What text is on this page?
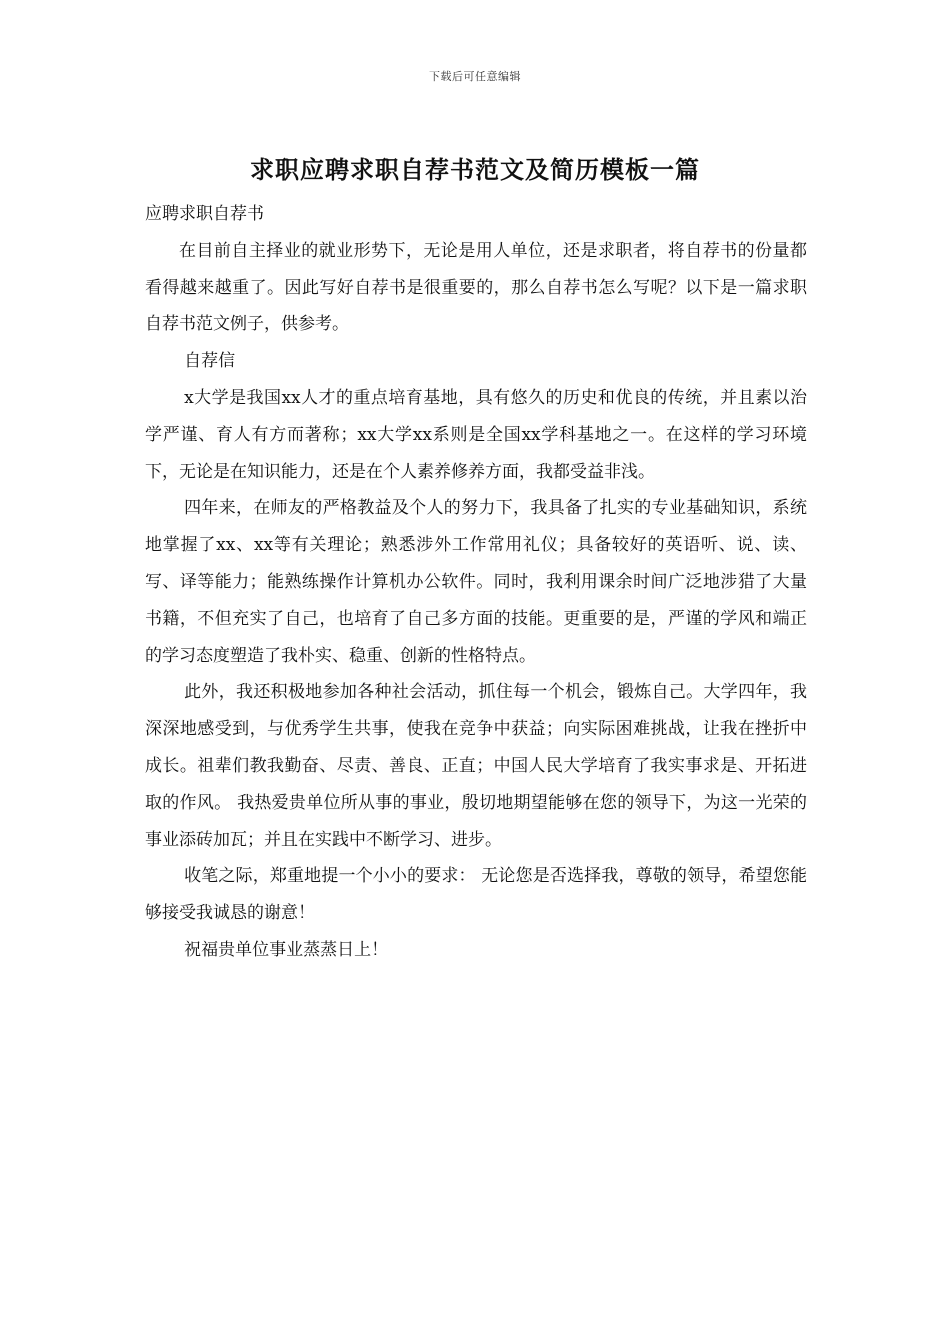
下载后可任意编辑
求职应聘求职自荐书范文及简历模板一篇

应聘求职自荐书

在目前自主择业的就业形势下，无论是用人单位，还是求职者，将自荐书的份量都看得越来越重了。因此写好自荐书是很重要的，那么自荐书怎么写呢？以下是一篇求职自荐书范文例子，供参考。

自荐信

x大学是我国xx人才的重点培育基地，具有悠久的历史和优良的传统，并且素以治学严谨、育人有方而著称；xx大学xx系则是全国xx学科基地之一。在这样的学习环境下，无论是在知识能力，还是在个人素养修养方面，我都受益非浅。

四年来，在师友的严格教益及个人的努力下，我具备了扎实的专业基础知识，系统地掌握了xx、xx等有关理论；熟悉涉外工作常用礼仪；具备较好的英语听、说、读、写、译等能力；能熟练操作计算机办公软件。同时，我利用课余时间广泛地涉猎了大量书籍，不但充实了自己，也培育了自己多方面的技能。更重要的是，严谨的学风和端正的学习态度塑造了我朴实、稳重、创新的性格特点。

此外，我还积极地参加各种社会活动，抓住每一个机会，锻炼自己。大学四年，我深深地感受到，与优秀学生共事，使我在竞争中获益；向实际困难挑战，让我在挫折中成长。祖辈们教我勤奋、尽责、善良、正直；中国人民大学培育了我实事求是、开拓进取的作风。 我热爱贵单位所从事的事业，殷切地期望能够在您的领导下，为这一光荣的事业添砖加瓦；并且在实践中不断学习、进步。

收笔之际，郑重地提一个小小的要求： 无论您是否选择我，尊敬的领导，希望您能够接受我诚恳的谢意！

祝福贵单位事业蒸蒸日上！
